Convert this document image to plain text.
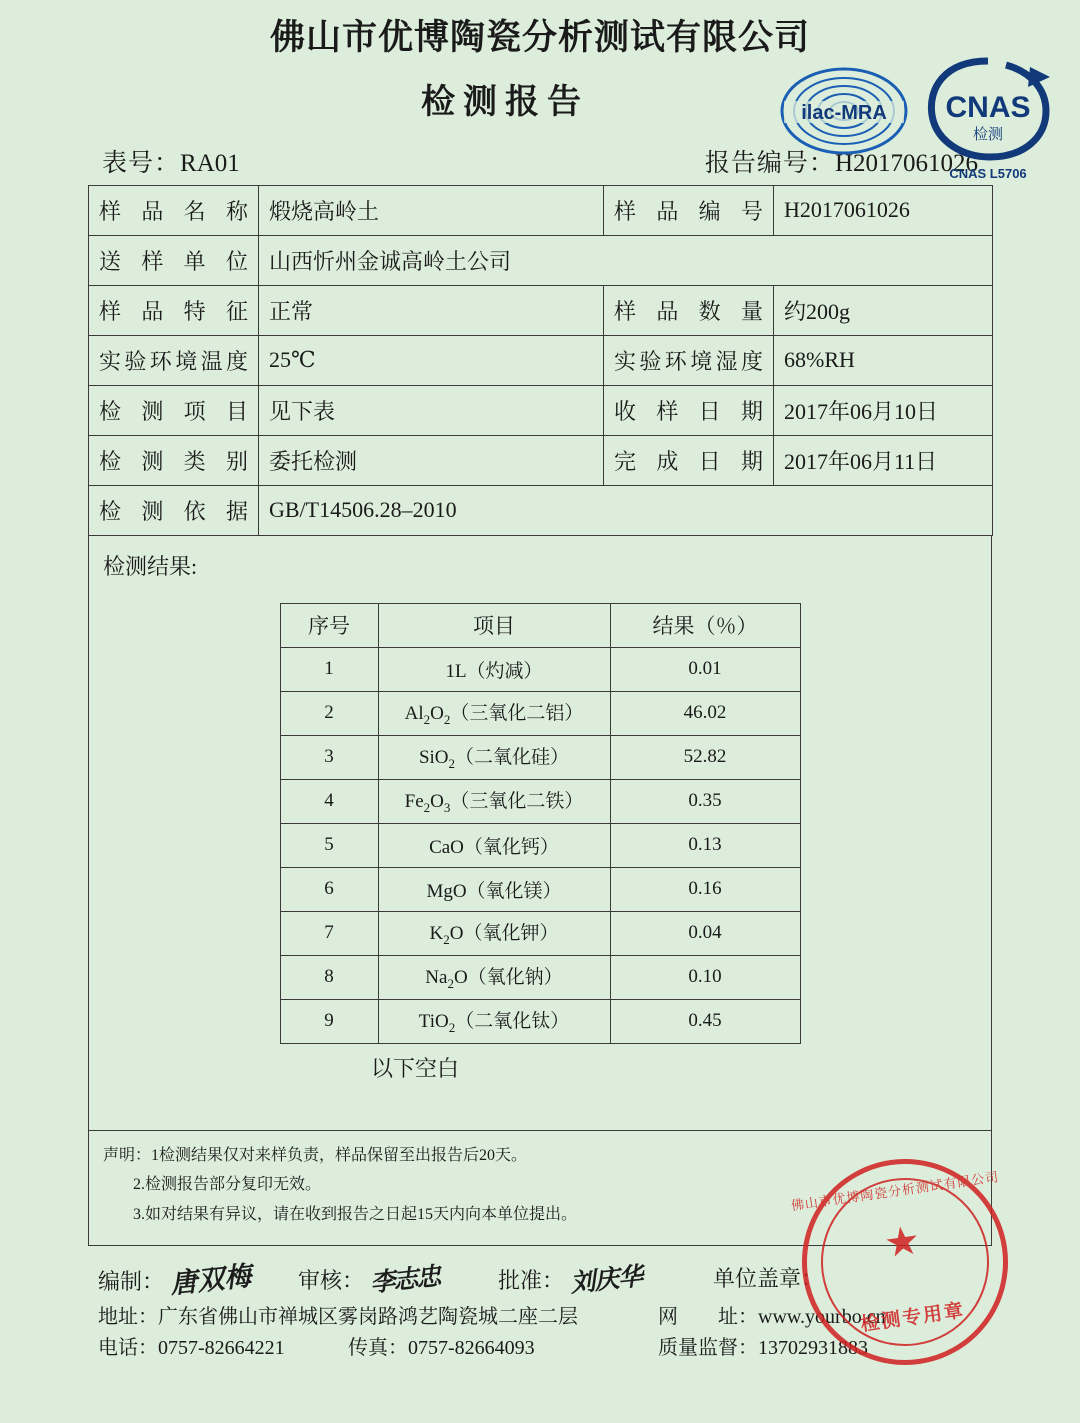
佛山市优博陶瓷分析测试有限公司
检测报告	ilac-MRA CNAS
检测
CNAS L5706
表号： RA01	报告编号： H2017061026
样品名称	煅烧高岭土	样品编号	H2017061026
送样单位	山西忻州金诚高岭土公司		
样品特征	正常	样品数量	约200g
实验环境温度	25℃	实验环境湿度	68%RH
检测项目	见下表	收样日期	2017年06月10日
检测类别	委托检测	完成日期	2017年06月11日
检测依据	GB/T14506.28–2010		
检测结果:
序号	项目	结果（％）
1	1L（灼减）	0.01
2	$Al_2O_2$（三氧化二铝）	46.02
3	SiO$_2$（二氧化硅）	52.82
4	$Fe_2O_3$（三氧化二铁）	0.35
5	CaO（氧化钙）	0.13
6	MgO（氧化镁）	0.16
7	$K_2O$（氧化钾）	0.04
8	$Na_2O$（氧化钠）	0.10
9	TiO$_2$（二氧化钛）	0.45
以下空白
声明：1检测结果仅对来样负责，样品保留至出报告后20天。
2.检测报告部分复印无效。
3.如对结果有异议，请在收到报告之日起15天内向本单位提出。
编制： 唐双梅 审核： 李志忠	批准： 刘庆华	单位盖章：
地址：广东省佛山市禅城区雾岗路鸿艺陶瓷城二座二层	网　　址：www.yourbo.cn
电话：0757-82664221	传真：0757-82664093	质量监督：13702931883
佛山市优博陶瓷分析测试有限公司
★
检测专用章
